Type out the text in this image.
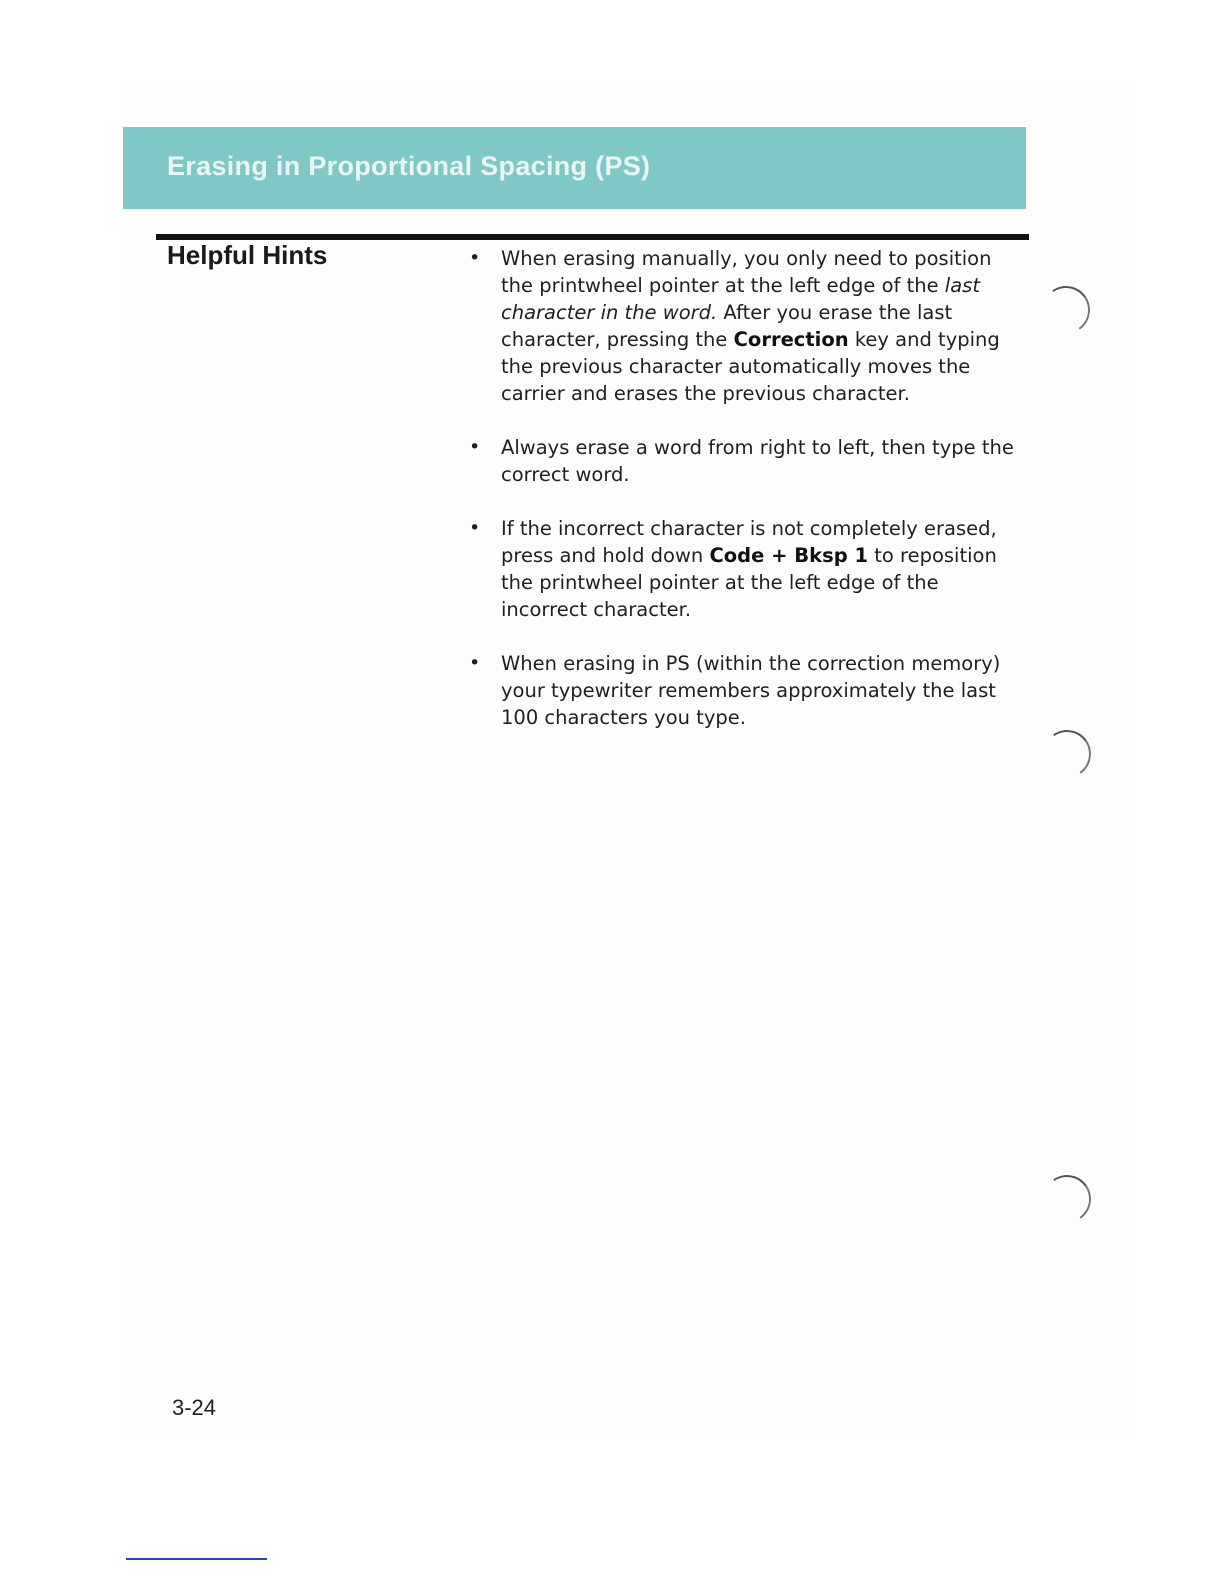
Erasing in Proportional Spacing (PS)
Helpful Hints	• When erasing manually, you only need to position the printwheel pointer at the left edge of the last character in the word. After you erase the last character, pressing the Correction key and typing the previous character automatically moves the carrier and erases the previous character.
• Always erase a word from right to left, then type the correct word.
• If the incorrect character is not completely erased, press and hold down Code + Bksp 1 to reposition the printwheel pointer at the left edge of the incorrect character.
• When erasing in PS (within the correction memory) your typewriter remembers approximately the last 100 characters you type.
3-24
